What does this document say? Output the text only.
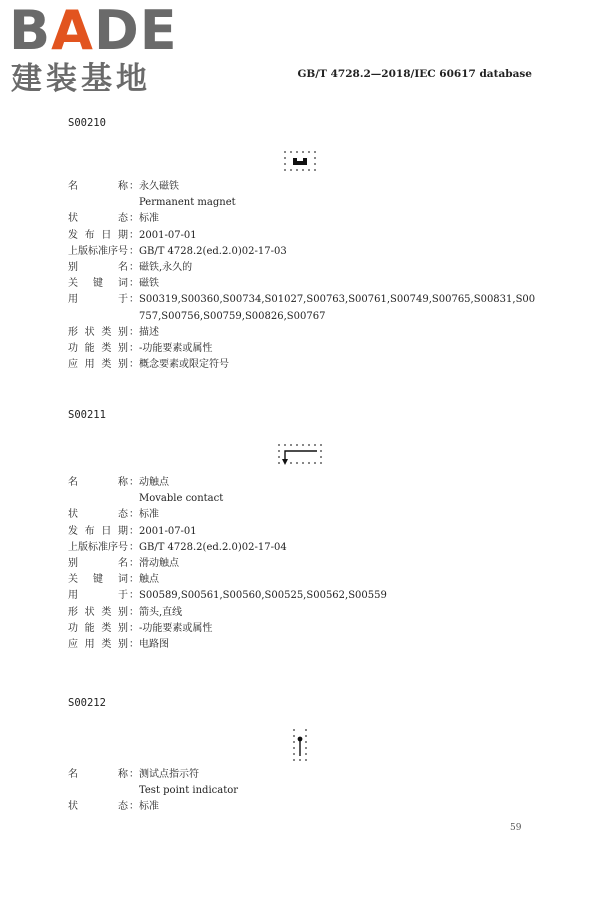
BADE

建装基地	GB/T 4728.2—2018/IEC 60617 database
S00210
名	称： 永久磁铁
Permanent magnet
状	态： 标准
发 布 日 期： 2001-07-01
上 版 标 准 序 号： GB/T 4728.2(ed.2.0)02-17-03
别	名： 磁铁,永久的
关 键 词： 磁铁
用	于： S00319,S00360,S00734,S01027,S00763,S00761,S00749,S00765,S00831,S00757,S00756,S00759,S00826,S00767
形 状 类 别： 描述
功 能 类 别： -功能要素或属性
应 用 类 别： 概念要素或限定符号
S00211
名	称： 动触点
Movable contact
状	态： 标准
发 布 日 期： 2001-07-01
上 版 标 准 序 号： GB/T 4728.2(ed.2.0)02-17-04
别	名： 滑动触点
关 键 词： 触点
用	于： S00589,S00561,S00560,S00525,S00562,S00559
形 状 类 别： 箭头,直线
功 能 类 别： -功能要素或属性
应 用 类 别： 电路图
S00212
名	称： 测试点指示符
Test point indicator
状	态： 标准
59
